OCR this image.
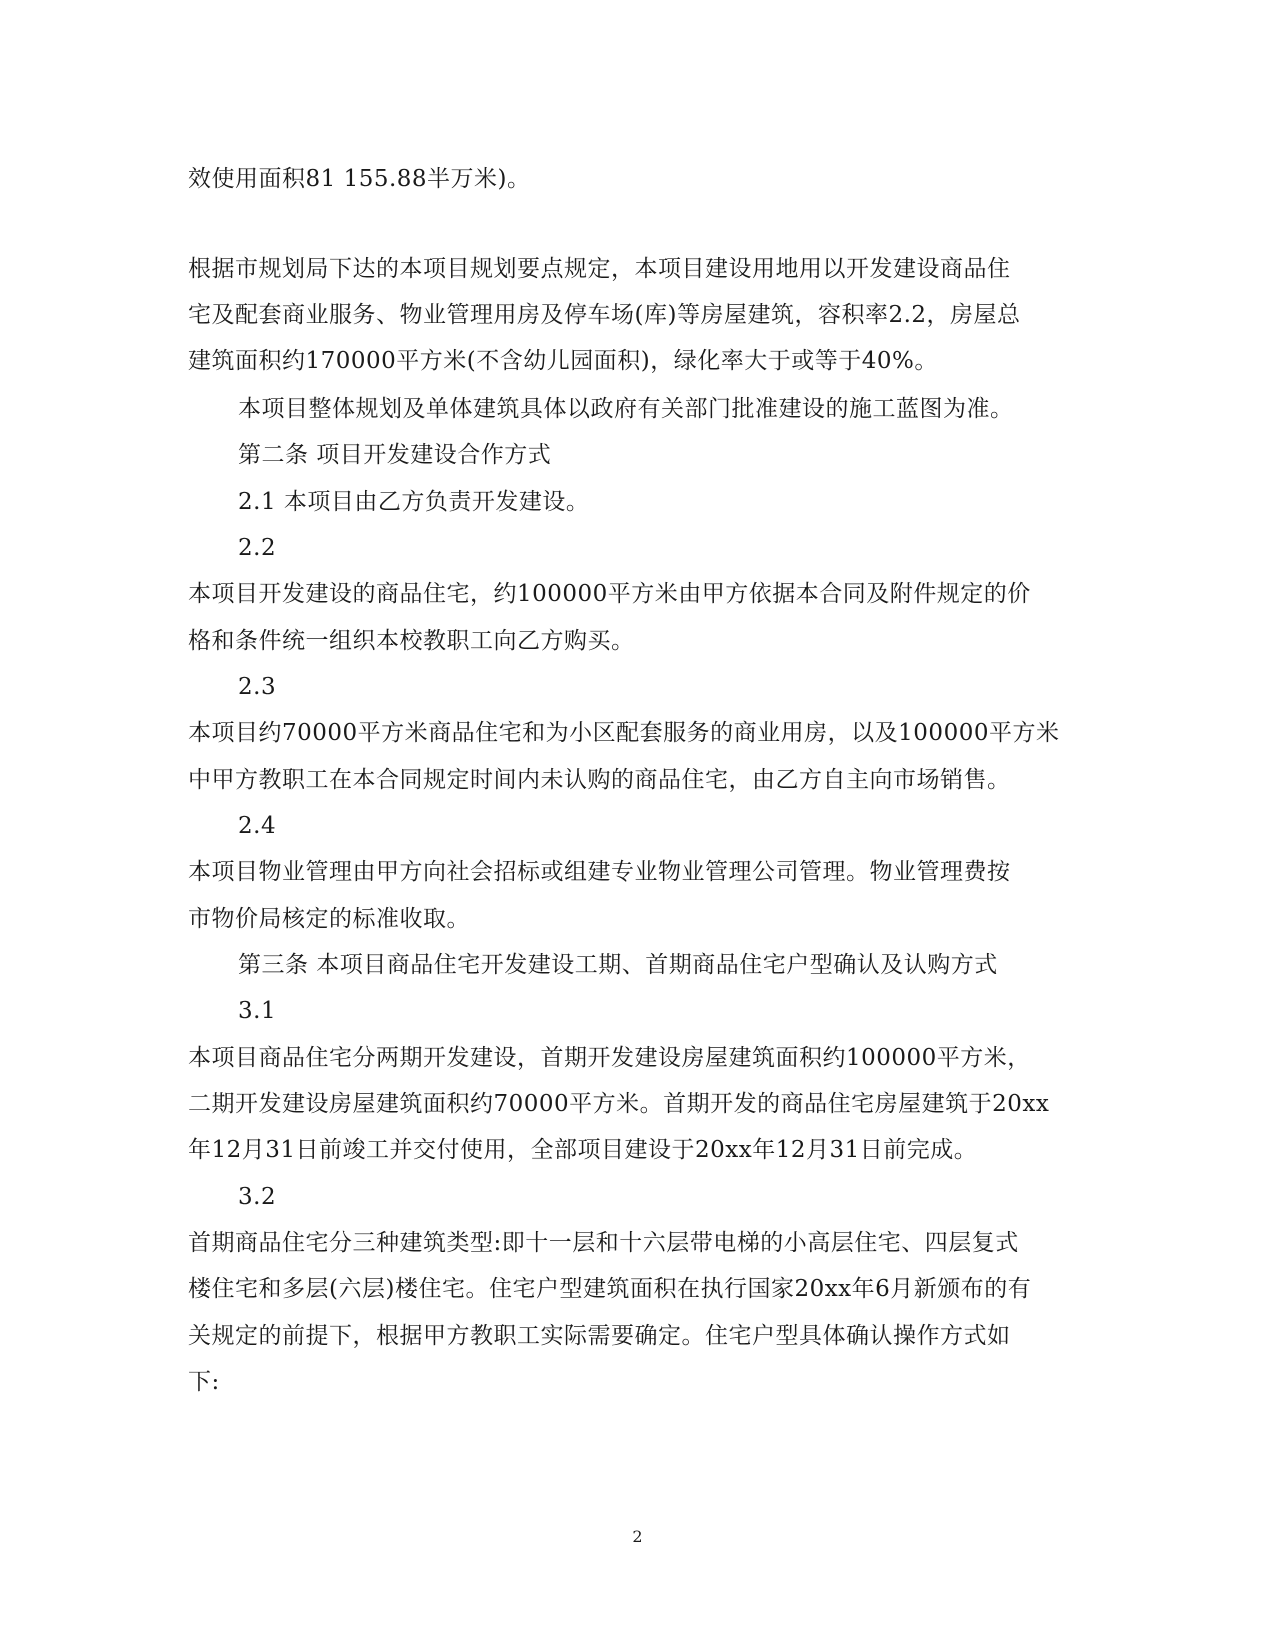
效使用面积81 155.88半万米)。
根据市规划局下达的本项目规划要点规定，本项目建设用地用以开发建设商品住
宅及配套商业服务、物业管理用房及停车场(库)等房屋建筑，容积率2.2，房屋总
建筑面积约170000平方米(不含幼儿园面积)，绿化率大于或等于40%。
本项目整体规划及单体建筑具体以政府有关部门批准建设的施工蓝图为准。
第二条 项目开发建设合作方式
2.1 本项目由乙方负责开发建设。
2.2
本项目开发建设的商品住宅，约100000平方米由甲方依据本合同及附件规定的价
格和条件统一组织本校教职工向乙方购买。
2.3
本项目约70000平方米商品住宅和为小区配套服务的商业用房，以及100000平方米
中甲方教职工在本合同规定时间内未认购的商品住宅，由乙方自主向市场销售。
2.4
本项目物业管理由甲方向社会招标或组建专业物业管理公司管理。物业管理费按
市物价局核定的标准收取。
第三条 本项目商品住宅开发建设工期、首期商品住宅户型确认及认购方式
3.1
本项目商品住宅分两期开发建设，首期开发建设房屋建筑面积约100000平方米，
二期开发建设房屋建筑面积约70000平方米。首期开发的商品住宅房屋建筑于20xx
年12月31日前竣工并交付使用，全部项目建设于20xx年12月31日前完成。
3.2
首期商品住宅分三种建筑类型:即十一层和十六层带电梯的小高层住宅、四层复式
楼住宅和多层(六层)楼住宅。住宅户型建筑面积在执行国家20xx年6月新颁布的有
关规定的前提下，根据甲方教职工实际需要确定。住宅户型具体确认操作方式如
下:
2
